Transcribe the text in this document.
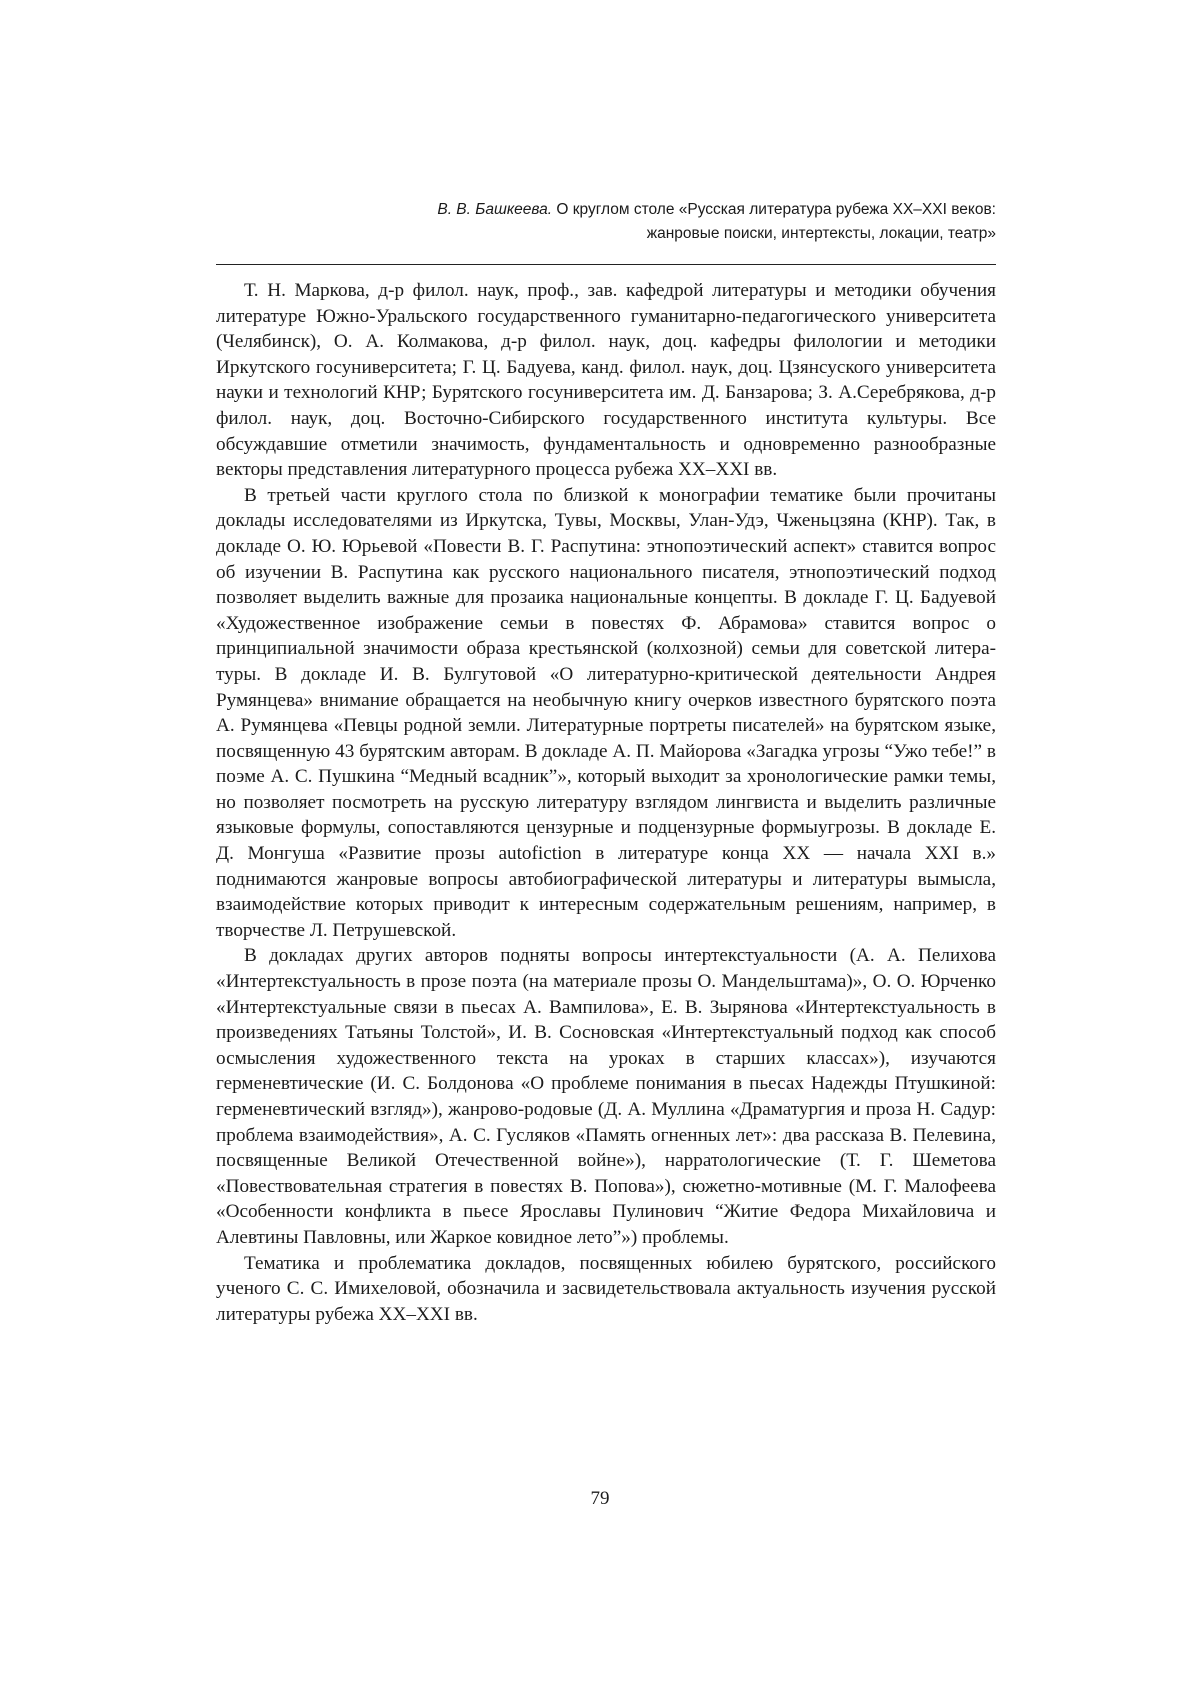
В. В. Башкеева. О круглом столе «Русская литература рубежа XX–XXI веков:
жанровые поиски, интертексты, локации, театр»

Т. Н. Маркова, д-р филол. наук, проф., зав. кафедрой литературы и методики обучения литературе Южно-Уральского государственного гуманитарно-педагоги­ческого университета (Челябинск), О. А. Колмакова, д-р филол. наук, доц. ка­федры филологии и методики Иркутского госуниверситета; Г. Ц. Бадуева, канд. филол. наук, доц. Цзянсуского университета науки и технологий КНР; Бурятского госуниверситета им. Д. Банзарова; З. А.Серебрякова, д-р филол. наук, доц. Восточно-Сибирского государственного института культуры. Все обсуждавшие отметили значимость, фундаментальность и одновременно разнообразные векторы пред­ставления литературного процесса рубежа XX–XXI вв.

В третьей части круглого стола по близкой к монографии тематике были про­читаны доклады исследователями из Иркутска, Тувы, Москвы, Улан-Удэ, Чженьцзяна (КНР). Так, в докладе О. Ю. Юрьевой «Повести В. Г. Распутина: эт­нопоэтический аспект» ставится вопрос об изучении В. Распутина как русского национального писателя, этнопоэтический подход позволяет выделить важные для прозаика национальные концепты. В докладе Г. Ц. Бадуевой «Художествен­ное изображение семьи в повестях Ф. Абрамова» ставится вопрос о принципиаль­ной значимости образа крестьянской (колхозной) семьи для советской литера­туры. В докладе И. В. Булгутовой «О литературно-критической деятельности Андрея Румянцева» внимание обращается на необычную книгу очерков извест­ного бурятского поэта А. Румянцева «Певцы родной земли. Литературные порт­реты писателей» на бурятском языке, посвященную 43 бурятским авторам. В до­кладе А. П. Майорова «Загадка угрозы “Ужо тебе!” в поэме А. С. Пушкина “Медный всадник”», который выходит за хронологические рамки темы, но позво­ляет посмотреть на русскую литературу взглядом лингвиста и выделить различ­ные языковые формулы, сопоставляются цензурные и подцензурные формы­угрозы. В докладе Е. Д. Монгуша «Развитие прозы autofiction в литературе конца XX — начала XXI в.» поднимаются жанровые вопросы автобиографической лите­ратуры и литературы вымысла, взаимодействие которых приводит к интересным содержательным решениям, например, в творчестве Л. Петрушевской.

В докладах других авторов подняты вопросы интертекстуальности (А. А. Пе­лихова «Интертекстуальность в прозе поэта (на материале прозы О. Мандельш­тама)», О. О. Юрченко «Интертекстуальные связи в пьесах А. Вампилова», Е. В. Зырянова «Интертекстуальность в произведениях Татьяны Толстой», И. В. Сосновская «Интертекстуальный подход как способ осмысления художе­ственного текста на уроках в старших классах»), изучаются герменевтические (И. С. Болдонова «О проблеме понимания в пьесах Надежды Птушкиной: герме­невтический взгляд»), жанрово-родовые (Д. А. Муллина «Драматургия и проза Н. Садур: проблема взаимодействия», А. С. Гусляков «Память огненных лет»: два рассказа В. Пелевина, посвященные Великой Отечественной войне»), нарратоло­гические (Т. Г. Шеметова «Повествовательная стратегия в повестях В. Попова»), сюжетно-мотивные (М. Г. Малофеева «Особенности конфликта в пьесе Ярославы Пулинович “Житие Федора Михайловича и Алевтины Павловны, или Жаркое ко­видное лето”») проблемы.

Тематика и проблематика докладов, посвященных юбилею бурятского, россий­ского ученого С. С. Имихеловой, обозначила и засвидетельствовала актуальность изучения русской литературы рубежа XX–XXI вв.

79
